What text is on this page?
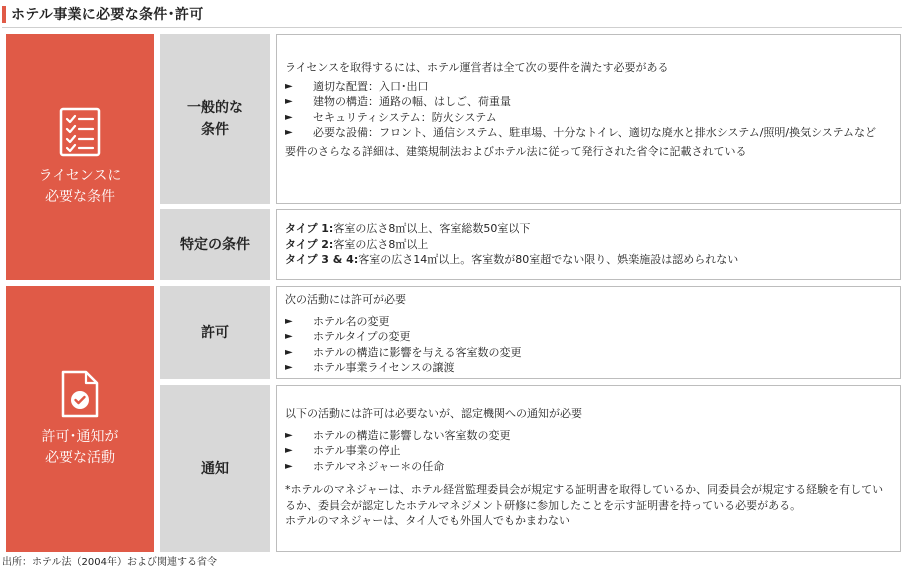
ホテル事業に必要な条件･許可
ライセンスに
必要な条件
許可･通知が
必要な活動
一般的な
条件
特定の条件
許可
通知

ライセンスを取得するには、ホテル運営者は全て次の要件を満たす必要がある

► 適切な配置：入口･出口
► 建物の構造：通路の幅、はしご、荷重量
► セキュリティシステム：防火システム
► 必要な設備：フロント、通信システム、駐車場、十分なトイレ、適切な廃水と排水システム/照明/換気システムなど

要件のさらなる詳細は、建築規制法およびホテル法に従って発行された省令に記載されている

タイプ 1:客室の広さ8㎡以上、客室総数50室以下

タイプ 2:客室の広さ8㎡以上

タイプ 3 & 4:客室の広さ14㎡以上。客室数が80室超でない限り、娯楽施設は認められない

次の活動には許可が必要

► ホテル名の変更
► ホテルタイプの変更
► ホテルの構造に影響を与える客室数の変更
► ホテル事業ライセンスの譲渡

以下の活動には許可は必要ないが、認定機関への通知が必要

► ホテルの構造に影響しない客室数の変更
► ホテル事業の停止
► ホテルマネジャー＊の任命

*ホテルのマネジャーは、ホテル経営監理委員会が規定する証明書を取得しているか、同委員会が規定する経験を有しているか、委員会が認定したホテルマネジメント研修に参加したことを示す証明書を持っている必要がある。

ホテルのマネジャーは、タイ人でも外国人でもかまわない

出所：ホテル法（2004年）および関連する省令
